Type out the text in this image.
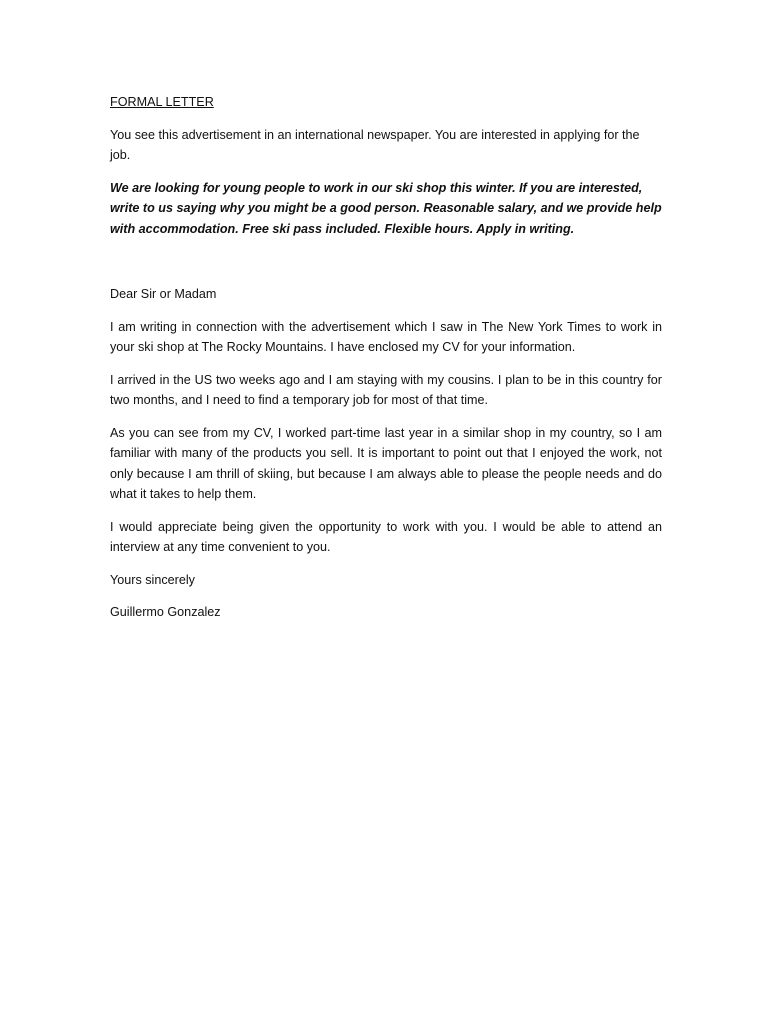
FORMAL LETTER

You see this advertisement in an international newspaper. You are interested in applying for the job.

We are looking for young people to work in our ski shop this winter. If you are interested, write to us saying why you might be a good person. Reasonable salary, and we provide help with accommodation. Free ski pass included. Flexible hours. Apply in writing.

Dear Sir or Madam

I am writing in connection with the advertisement which I saw in The New York Times to work in your ski shop at The Rocky Mountains. I have enclosed my CV for your information.

I arrived in the US two weeks ago and I am staying with my cousins. I plan to be in this country for two months, and I need to find a temporary job for most of that time.

As you can see from my CV, I worked part-time last year in a similar shop in my country, so I am familiar with many of the products you sell. It is important to point out that I enjoyed the work, not only because I am thrill of skiing, but because I am always able to please the people needs and do what it takes to help them.

I would appreciate being given the opportunity to work with you. I would be able to attend an interview at any time convenient to you.

Yours sincerely

Guillermo Gonzalez
